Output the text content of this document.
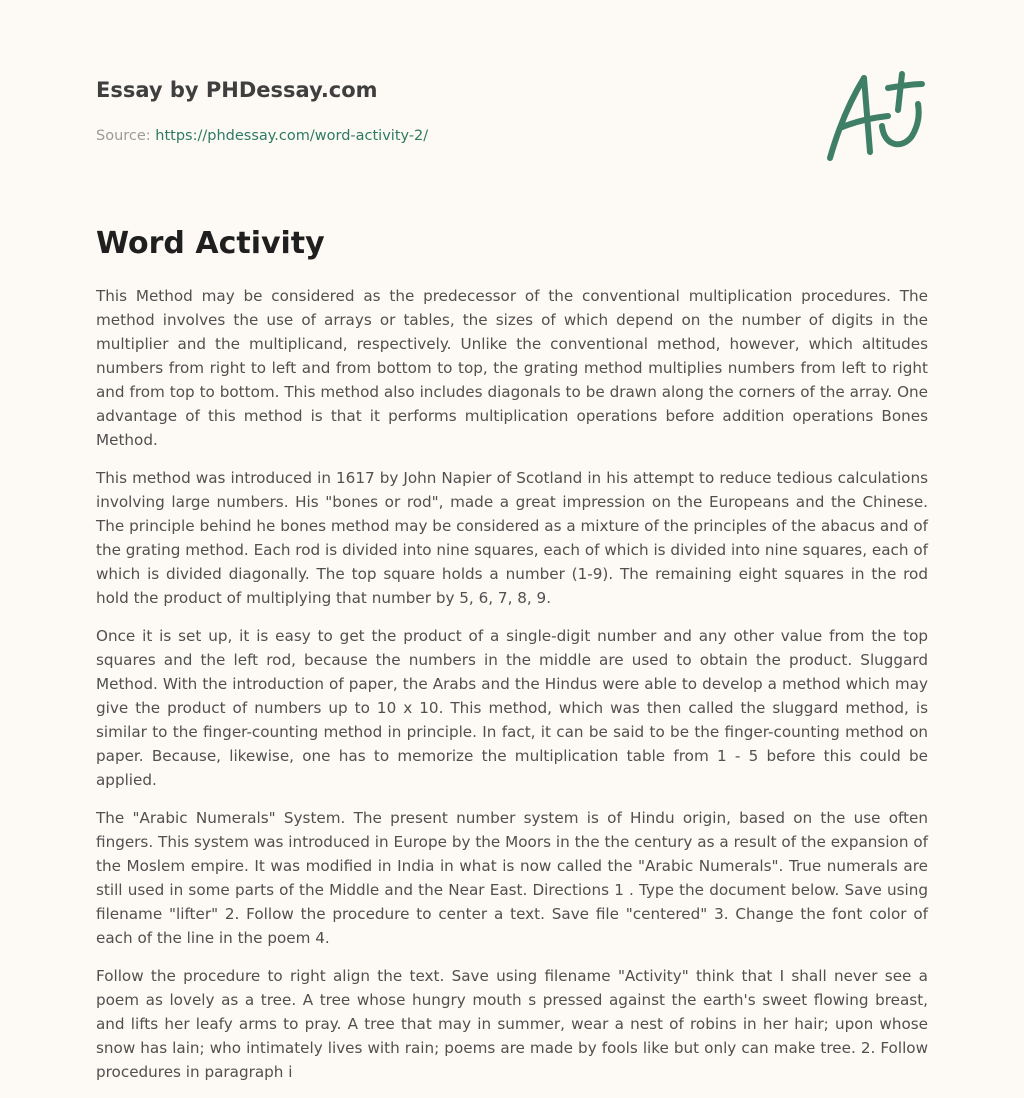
Essay by PHDessay.com
Source: https://phdessay.com/word-activity-2/
Word Activity

This Method may be considered as the predecessor of the conventional multiplication procedures. The method involves the use of arrays or tables, the sizes of which depend on the number of digits in the multiplier and the multiplicand, respectively. Unlike the conventional method, however, which altitudes numbers from right to left and from bottom to top, the grating method multiplies numbers from left to right and from top to bottom. This method also includes diagonals to be drawn along the corners of the array. One advantage of this method is that it performs multiplication operations before addition operations Bones Method.

This method was introduced in 1617 by John Napier of Scotland in his attempt to reduce tedious calculations involving large numbers. His "bones or rod", made a great impression on the Europeans and the Chinese. The principle behind he bones method may be considered as a mixture of the principles of the abacus and of the grating method. Each rod is divided into nine squares, each of which is divided into nine squares, each of which is divided diagonally. The top square holds a number (1-9). The remaining eight squares in the rod hold the product of multiplying that number by 5, 6, 7, 8, 9.

Once it is set up, it is easy to get the product of a single-digit number and any other value from the top squares and the left rod, because the numbers in the middle are used to obtain the product. Sluggard Method. With the introduction of paper, the Arabs and the Hindus were able to develop a method which may give the product of numbers up to 10 x 10. This method, which was then called the sluggard method, is similar to the finger-counting method in principle. In fact, it can be said to be the finger-counting method on paper. Because, likewise, one has to memorize the multiplication table from 1 - 5 before this could be applied.

The "Arabic Numerals" System. The present number system is of Hindu origin, based on the use often fingers. This system was introduced in Europe by the Moors in the the century as a result of the expansion of the Moslem empire. It was modified in India in what is now called the "Arabic Numerals". True numerals are still used in some parts of the Middle and the Near East. Directions 1 . Type the document below. Save using filename "lifter" 2. Follow the procedure to center a text. Save file "centered" 3. Change the font color of each of the line in the poem 4.

Follow the procedure to right align the text. Save using filename "Activity" think that I shall never see a poem as lovely as a tree. A tree whose hungry mouth s pressed against the earth's sweet flowing breast, and lifts her leafy arms to pray. A tree that may in summer, wear a nest of robins in her hair; upon whose snow has lain; who intimately lives with rain; poems are made by fools like but only can make tree. 2. Follow procedures in paragraph i
